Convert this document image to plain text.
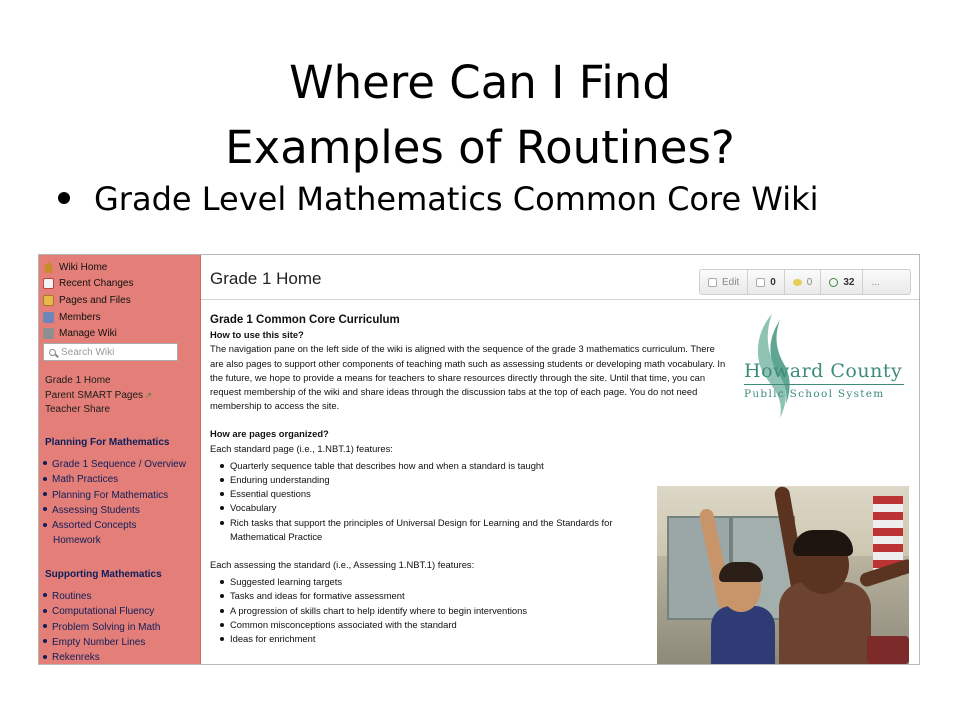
Where Can I Find
Examples of Routines?
Grade Level Mathematics Common Core Wiki
Wiki Home
Recent Changes
Pages and Files
Members
Manage Wiki
Search Wiki
Grade 1 Home
Parent SMART Pages ↗
Teacher Share
Planning For Mathematics
Grade 1 Sequence / Overview
Math Practices
Planning For Mathematics
Assessing Students
Assorted Concepts
Homework
Supporting Mathematics
Routines
Computational Fluency
Problem Solving in Math
Empty Number Lines
Rekenreks
Grade 1 Home	Edit	0	0	32	...
Grade 1 Common Core Curriculum
How to use this site?

The navigation pane on the left side of the wiki is aligned with the sequence of the grade 3 mathematics curriculum. There are also pages to support other components of teaching math such as assessing students or developing math vocabulary. In the future, we hope to provide a means for teachers to share resources directly through the site. Until that time, you can request membership of the wiki and share ideas through the discussion tabs at the top of each page. You do not need membership to access the site.

How are pages organized?

Each standard page (i.e., 1.NBT.1) features:

Quarterly sequence table that describes how and when a standard is taught
Enduring understanding
Essential questions
Vocabulary
Rich tasks that support the principles of Universal Design for Learning and the Standards for Mathematical Practice

Each assessing the standard (i.e., Assessing 1.NBT.1) features:

Suggested learning targets
Tasks and ideas for formative assessment
A progression of skills chart to help identify where to begin interventions
Common misconceptions associated with the standard
Ideas for enrichment
Howard County
Public School System
